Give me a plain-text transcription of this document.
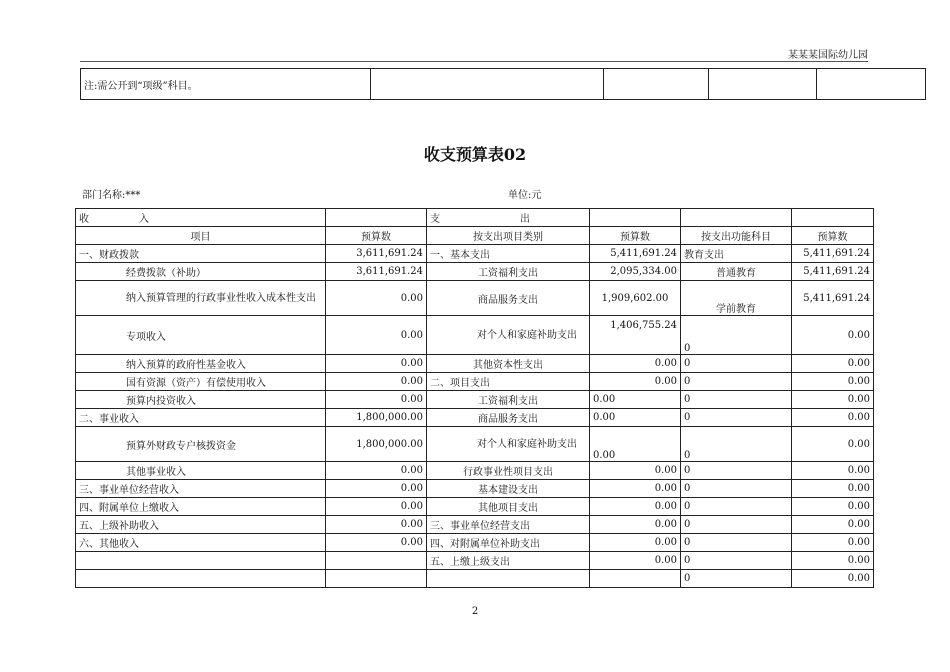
某某某国际幼儿园
注:需公开到“项级”科目。				
收支预算表02
部门名称:***	单位:元
收　　　　　入		支　　　　　　　　出			
项目	预算数	按支出项目类别	预算数	按支出功能科目	预算数
一、财政拨款	3,611,691.24	一、基本支出	5,411,691.24	教育支出	5,411,691.24
经费拨款（补助）	3,611,691.24	工资福利支出	2,095,334.00	普通教育	5,411,691.24
纳入预算管理的行政事业性收入成本性支出	0.00	商品服务支出	1,909,602.00	学前教育	5,411,691.24
专项收入	0.00	对个人和家庭补助支出	1,406,755.24	0	0.00
纳入预算的政府性基金收入	0.00	其他资本性支出	0.00	0	0.00
国有资源（资产）有偿使用收入	0.00	二、项目支出	0.00	0	0.00
预算内投资收入	0.00	工资福利支出	0.00	0	0.00
二、事业收入	1,800,000.00	商品服务支出	0.00	0	0.00
预算外财政专户核拨资金	1,800,000.00	对个人和家庭补助支出	0.00	0	0.00
其他事业收入	0.00	行政事业性项目支出	0.00	0	0.00
三、事业单位经营收入	0.00	基本建设支出	0.00	0	0.00
四、附属单位上缴收入	0.00	其他项目支出	0.00	0	0.00
五、上级补助收入	0.00	三、事业单位经营支出	0.00	0	0.00
六、其他收入	0.00	四、对附属单位补助支出	0.00	0	0.00
		五、上缴上级支出	0.00	0	0.00
				0	0.00
2
